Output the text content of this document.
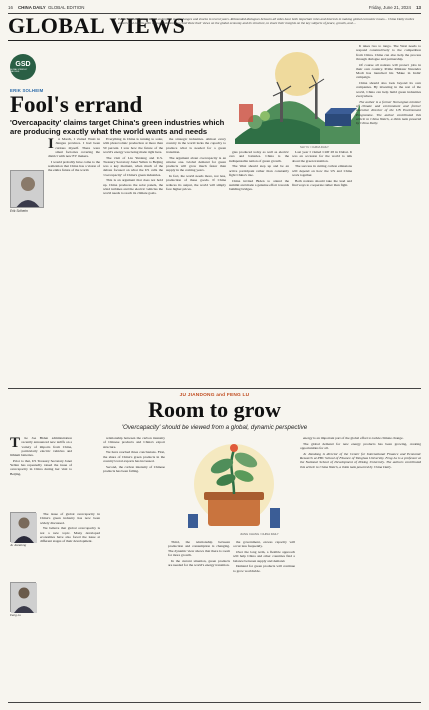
16 CHINA DAILY GLOBAL EDITION	Friday, June 21, 2024 13
GLOBAL VIEWS
Editor's note: The world has undergone many changes and shocks in recent years. Rebounded dialogues between all sides have both important roles and interests in making global economic issues... China Daily invites experts and experts with strong credentials to contribute their views on the global economy and its structure, to share their insights on the key subjects of peace, growth, and ...
GSD
GLOBAL STRATEGY DIALOGUE
ERIK SOLHEIM
Fool's errand
'Overcapacity' claims target China's green industries which are producing exactly what the world wants and needs
SHI YU / CHINA DAILY
I	n March, I visited Wuxi in Jiangsu province. I had been curious myself. There were smart factories covering the district with new EV makers.

I would probably have come to the realization that China has a vision of the entire future of the world.

Erik Solheim

Everything in China is turning to solar, with photovoltaic production at more than 50 percent. I saw how the future of the world's energy was being made right here.

The visit of Liu Yuxiang and U.S. Treasury Secretary Janet Yellen to Beijing was a key moment, when much of the debate focused on what the US calls the 'overcapacity' of China's green industries.

This is an argument that does not hold up. China produces the solar panels, the wind turbines and the electric vehicles the world needs to reach its climate goals.

the strategic industries. Almost every country in the world lacks the capacity to produce what is needed for a green transition.

The argument about overcapacity is an unwise one. Global demand for green products will grow much faster than supply in the coming years.

In fact, the world needs more, not less, production of these goods. If China reduces its output, the world will simply face higher prices.

gies produced today as well as electric cars and batteries. China is the indispensable nation of green growth.

The West should step up and be an active participant rather than constantly fight China's rise.

China invited Biden to attend the summit and made a genuine effort towards building bridges.

Last year I visited COP 28 in Dubai. It was an occasion for the world to talk about the green transition.

The success in cutting carbon emissions will depend on how the US and China work together.

Both nations should take the lead and find ways to cooperate rather than fight.

It takes two to tango. The West needs to respond constructively to the competition from China. China can also help the process through dialogue and partnership.

Of course all nations will protect jobs in their own country. Prime Minister Narendra Modi has launched his 'Make in India' campaign.

China should also look beyond its own companies. By investing in the rest of the world, China can help build green industries everywhere.

The author is a former Norwegian minister of climate and environment and former executive director of the UN Environment Programme. The author contributed this article to China Watch, a think tank powered by China Daily.

JU JIANDONG and FENG LU
Room to grow
'Overcapacity' should be viewed from a global, dynamic perspective
JIANG CHANG / CHINA DAILY
Ju Jiandong
Feng Lu
T	he Joe Biden administration recently announced new tariffs on a variety of imports from China, particularly electric vehicles and lithium batteries.

Prior to that, US Treasury Secretary Janet Yellen has repeatedly raised the issue of overcapacity in China during her visit to Beijing.

The issue of global overcapacity in China's green industry has now been widely discussed.

We believe that global overcapacity is not a new topic. Many developed economies have also faced the issue at different stages of their development.

relationship between the carbon intensity of Chinese products and China's export structure.

We have reached three conclusions. First, the share of China's green products in the country's total exports has increased.

Second, the carbon intensity of Chinese products has been falling.

Third, the relationship between production and consumption is changing. The dynamic view shows that there is room for more growth.

In the current situation, green products are needed for the world's energy transition.

the government, excess capacity will occur less frequently.

Over the long term, a flexible approach will help China and other countries find a balance between supply and demand.

Demand for green products will continue to grow worldwide.

energy is an important part of the global effort to tackle climate change.

The global demand for new energy products has been growing, creating opportunities for all.

Ju Jiandong is director of the Center for International Finance and Economic Research at PBC School of Finance of Tsinghua University. Feng Lu is a professor at the National School of Development of Peking University. The authors contributed this article to China Watch, a think tank powered by China Daily.
